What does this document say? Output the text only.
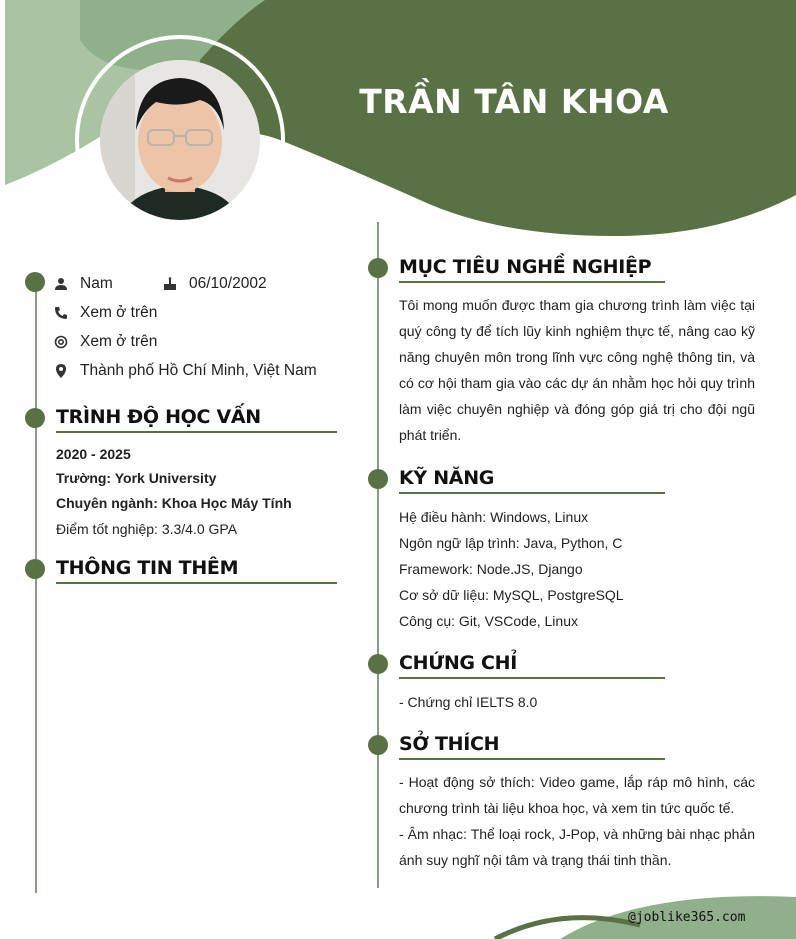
TRẦN TÂN KHOA
Nam	06/10/2002
Xem ở trên
Xem ở trên
Thành phố Hồ Chí Minh, Việt Nam
TRÌNH ĐỘ HỌC VẤN
2020 - 2025
Trường: York University
Chuyên ngành: Khoa Học Máy Tính
Điểm tốt nghiệp: 3.3/4.0 GPA
THÔNG TIN THÊM
MỤC TIÊU NGHỀ NGHIỆP
Tôi mong muốn được tham gia chương trình làm việc tại quý công ty để tích lũy kinh nghiệm thực tế, nâng cao kỹ năng chuyên môn trong lĩnh vực công nghệ thông tin, và có cơ hội tham gia vào các dự án nhằm học hỏi quy trình làm việc chuyên nghiệp và đóng góp giá trị cho đội ngũ phát triển.
KỸ NĂNG
Hệ điều hành: Windows, Linux
Ngôn ngữ lập trình: Java, Python, C
Framework: Node.JS, Django
Cơ sở dữ liệu: MySQL, PostgreSQL
Công cụ: Git, VSCode, Linux
CHỨNG CHỈ
- Chứng chỉ IELTS 8.0
SỞ THÍCH
- Hoạt động sở thích: Video game, lắp ráp mô hình, các chương trình tài liệu khoa học, và xem tin tức quốc tế.
- Âm nhạc: Thể loại rock, J-Pop, và những bài nhạc phản ánh suy nghĩ nội tâm và trạng thái tinh thần.
@joblike365.com
